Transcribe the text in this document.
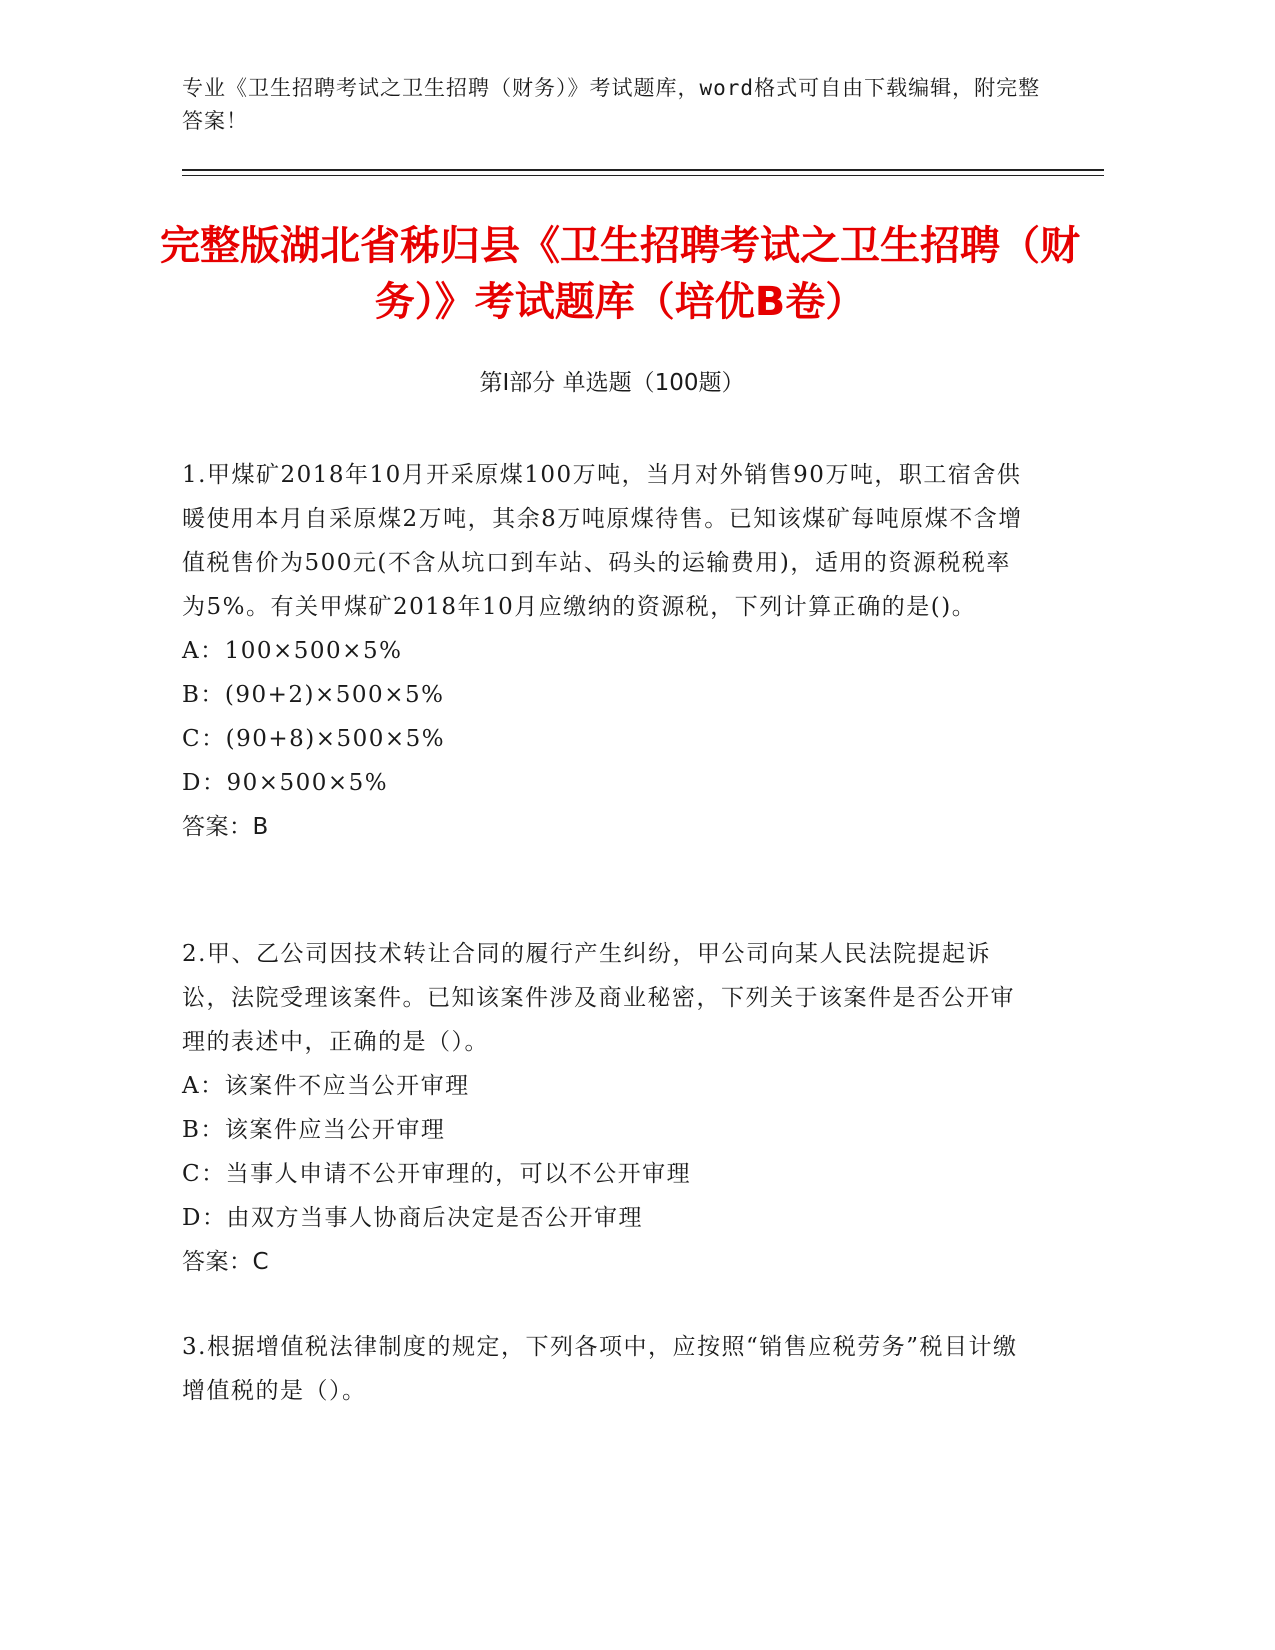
专业《卫生招聘考试之卫生招聘（财务）》考试题库，word格式可自由下载编辑，附完整答案！
完整版湖北省秭归县《卫生招聘考试之卫生招聘（财务）》考试题库（培优B卷）
第Ⅰ部分 单选题（100题）
1.甲煤矿2018年10月开采原煤100万吨，当月对外销售90万吨，职工宿舍供暖使用本月自采原煤2万吨，其余8万吨原煤待售。已知该煤矿每吨原煤不含增值税售价为500元(不含从坑口到车站、码头的运输费用)，适用的资源税税率为5%。有关甲煤矿2018年10月应缴纳的资源税，下列计算正确的是()。
A：100×500×5%
B：(90+2)×500×5%
C：(90+8)×500×5%
D：90×500×5%
答案：B
2.甲、乙公司因技术转让合同的履行产生纠纷，甲公司向某人民法院提起诉讼，法院受理该案件。已知该案件涉及商业秘密，下列关于该案件是否公开审理的表述中，正确的是（）。
A：该案件不应当公开审理
B：该案件应当公开审理
C：当事人申请不公开审理的，可以不公开审理
D：由双方当事人协商后决定是否公开审理
答案：C
3.根据增值税法律制度的规定，下列各项中，应按照“销售应税劳务”税目计缴增值税的是（）。
